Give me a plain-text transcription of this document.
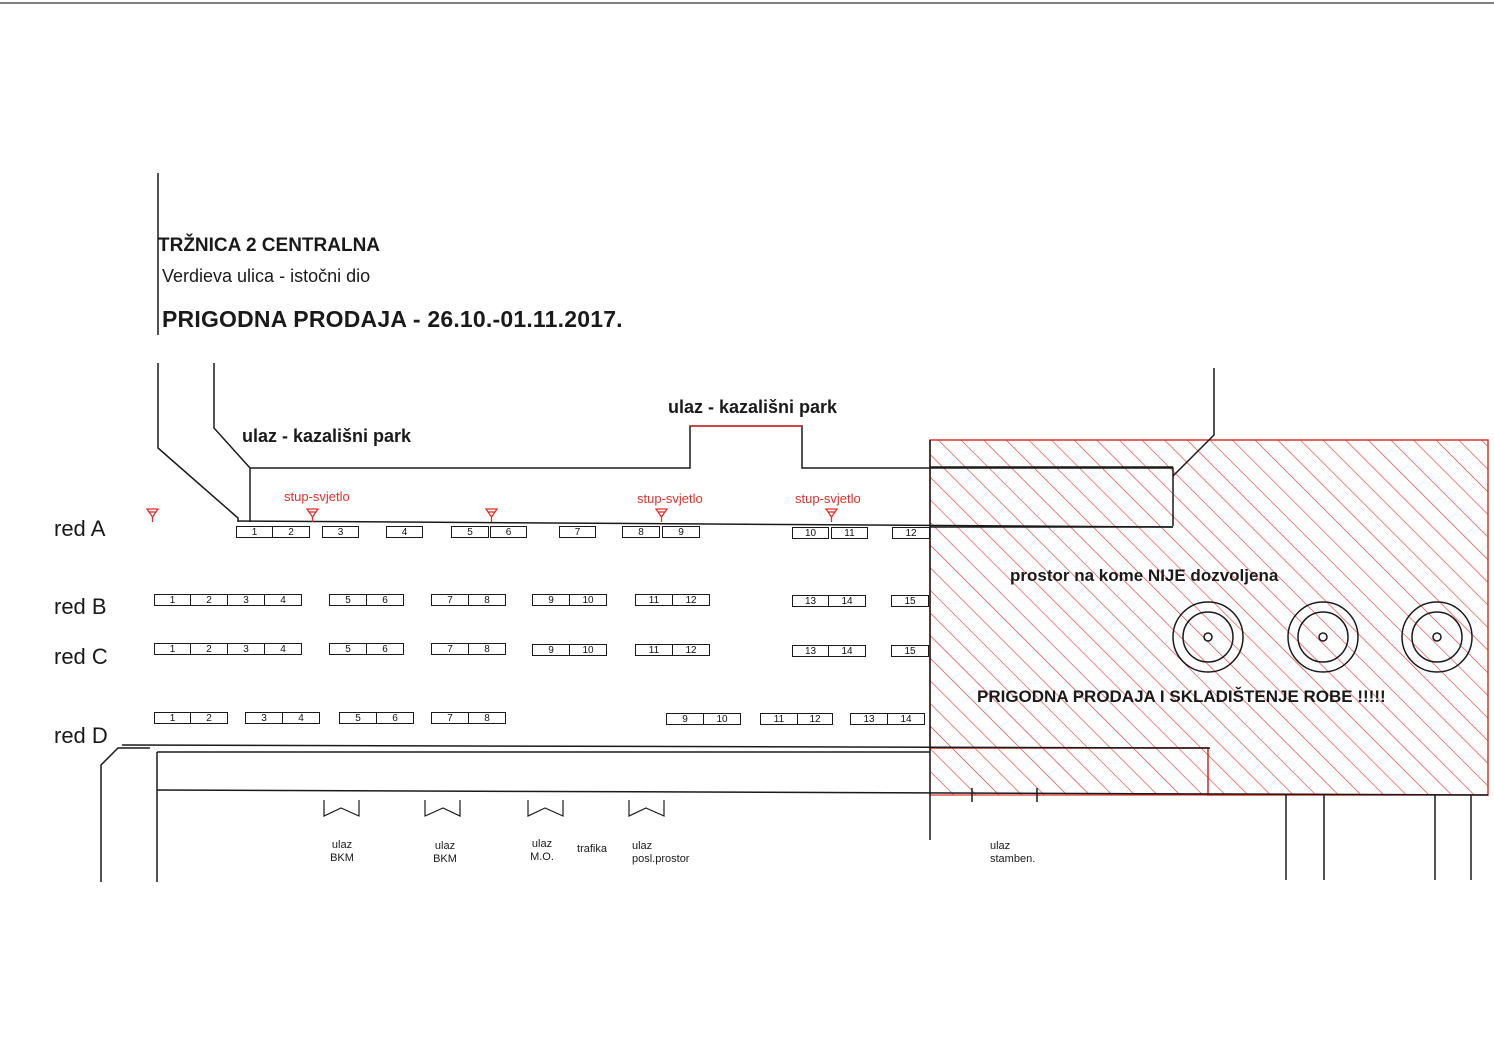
TRŽNICA 2 CENTRALNA
Verdieva ulica - istočni dio
PRIGODNA PRODAJA - 26.10.-01.11.2017.
ulaz - kazališni park
ulaz - kazališni park
stup-svjetlo	stup-svjetlo	stup-svjetlo
red A
red B
red C
red D
1	2	3	4	5	6	7	8	9	10	11	12
1	2	3	4	5	6	7	8	9	10	11	12	13	14	15
1	2	3	4	5	6	7	8	9	10	11	12	13	14	15
1	2	3	4	5	6	7	8	9	10	11	12	13	14
prostor na kome NIJE dozvoljena
PRIGODNA PRODAJA I SKLADIŠTENJE ROBE !!!!!
ulaz
BKM
ulaz
BKM
ulaz
M.O.
trafika	ulaz
posl.prostor
ulaz
stamben.
